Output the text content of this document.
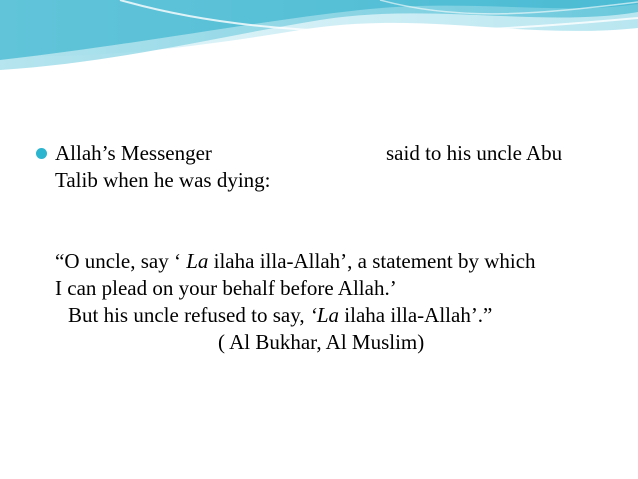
Allah’s Messenger	said to his uncle Abu
Talib when he was dying:
“O uncle, say ‘ La ilaha illa-Allah’, a statement by which
I can plead on your behalf before Allah.’
But his uncle refused to say, ‘La ilaha illa-Allah’.”
( Al Bukhar, Al Muslim)
